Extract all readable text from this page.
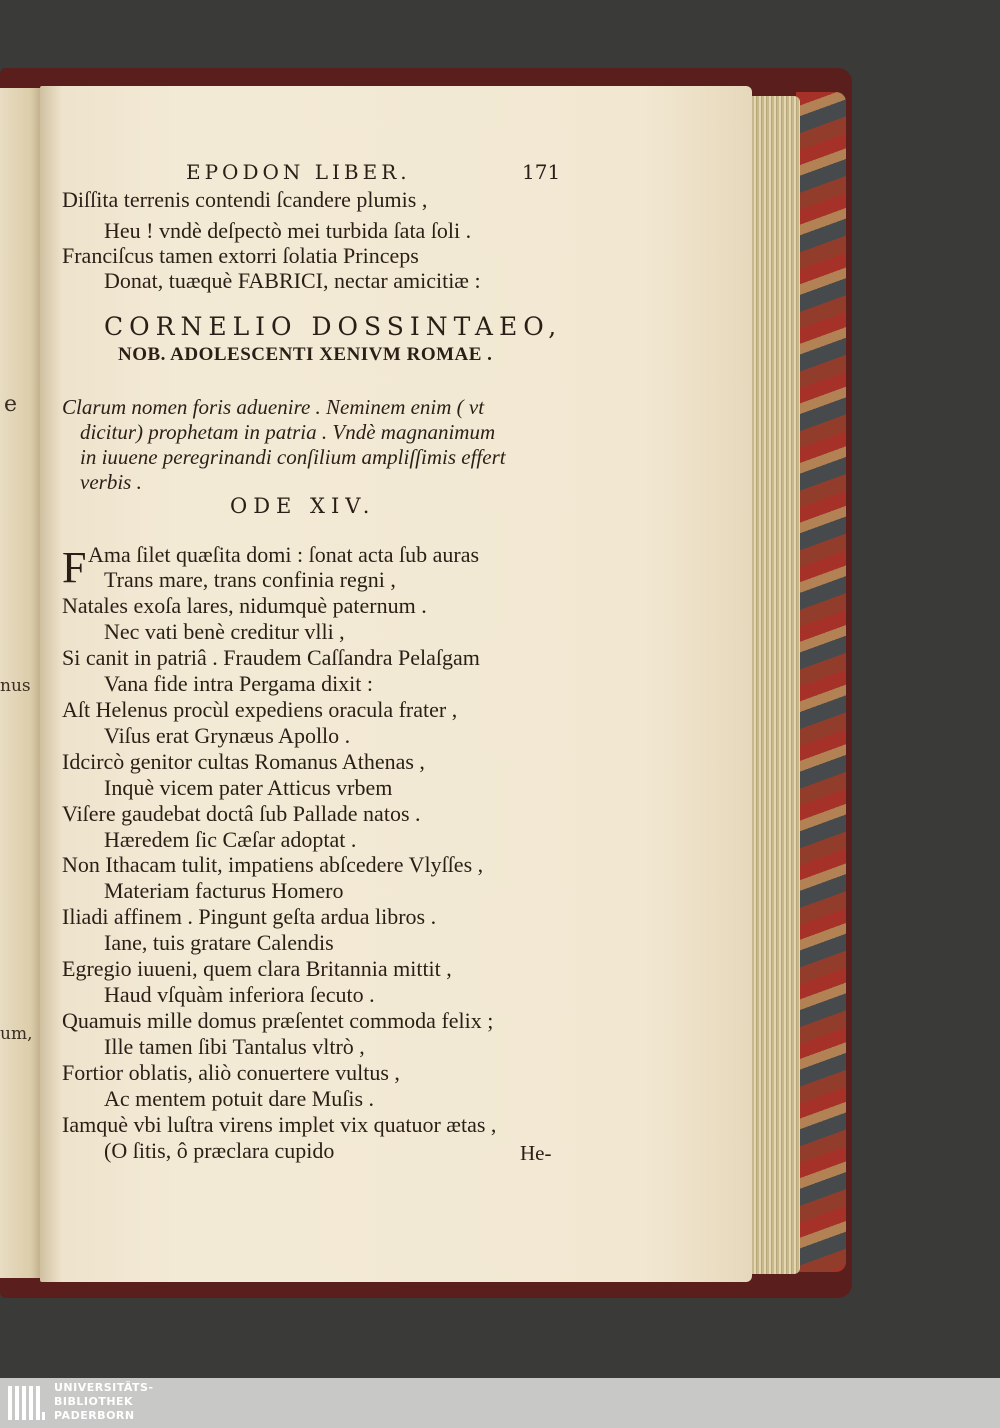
e
nus
um,
EPODON LIBER.	171
Diſſita terrenis contendi ſcandere plumis ,
Heu ! vndè deſpectò mei turbida ſata ſoli .
Franciſcus tamen extorri ſolatia Princeps
Donat, tuæquè FABRICI, nectar amicitiæ :
CORNELIO DOSSINTAEO,
NOB. ADOLESCENTI XENIVM ROMAE .
Clarum nomen foris aduenire . Neminem enim ( vt
dicitur) prophetam in patria . Vndè magnanimum
in iuuene peregrinandi conſilium ampliſſimis effert
verbis .
ODE XIV.
F Ama ſilet quæſita domi : ſonat acta ſub auras
Trans mare, trans confinia regni ,
Natales exoſa lares, nidumquè paternum .
Nec vati benè creditur vlli ,
Si canit in patriâ . Fraudem Caſſandra Pelaſgam
Vana fide intra Pergama dixit :
Aſt Helenus procùl expediens oracula frater ,
Viſus erat Grynæus Apollo .
Idcircò genitor cultas Romanus Athenas ,
Inquè vicem pater Atticus vrbem
Viſere gaudebat doctâ ſub Pallade natos .
Hæredem ſic Cæſar adoptat .
Non Ithacam tulit, impatiens abſcedere Vlyſſes ,
Materiam facturus Homero
Iliadi affinem . Pingunt geſta ardua libros .
Iane, tuis gratare Calendis
Egregio iuueni, quem clara Britannia mittit ,
Haud vſquàm inferiora ſecuto .
Quamuis mille domus præſentet commoda felix ;
Ille tamen ſibi Tantalus vltrò ,
Fortior oblatis, aliò conuertere vultus ,
Ac mentem potuit dare Muſis .
Iamquè vbi luſtra virens implet vix quatuor ætas ,
(O ſitis, ô præclara cupido	He-
UNIVERSITÄTS-
BIBLIOTHEK
PADERBORN
